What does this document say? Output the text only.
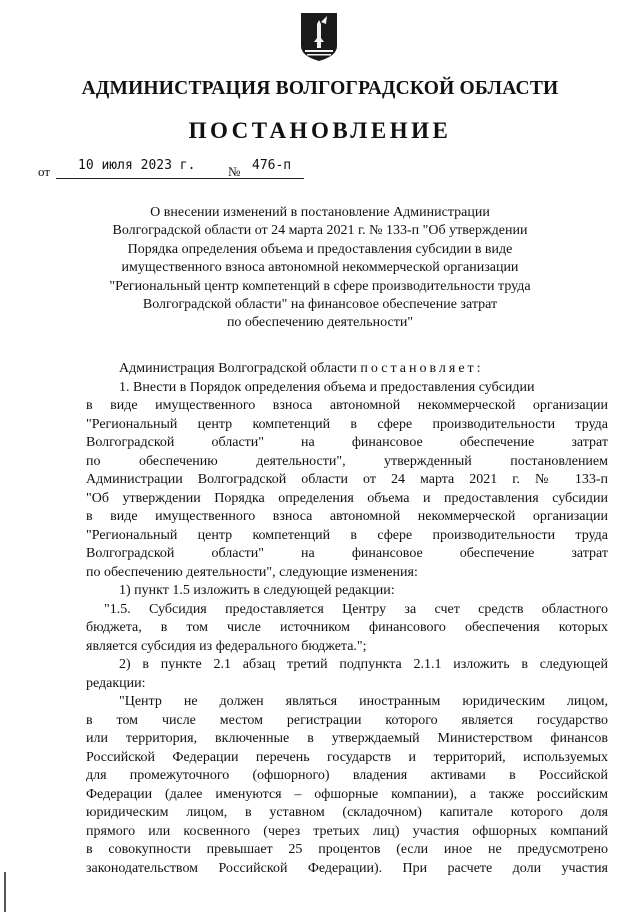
АДМИНИСТРАЦИЯ ВОЛГОГРАДСКОЙ ОБЛАСТИ
ПОСТАНОВЛЕНИЕ
от 10 июля 2023 г.	№ 476-п
О внесении изменений в постановление Администрации
Волгоградской области от 24 марта 2021 г. № 133-п "Об утверждении
Порядка определения объема и предоставления субсидии в виде
имущественного взноса автономной некоммерческой организации
"Региональный центр компетенций в сфере производительности труда
Волгоградской области" на финансовое обеспечение затрат
по обеспечению деятельности"
Администрация Волгоградской области постановляет:
1. Внести в Порядок определения объема и предоставления субсидии
в виде имущественного взноса автономной некоммерческой организации
"Региональный центр компетенций в сфере производительности труда
Волгоградской области" на финансовое обеспечение затрат
по обеспечению деятельности", утвержденный постановлением
Администрации Волгоградской области от 24 марта 2021 г. № 133-п
"Об утверждении Порядка определения объема и предоставления субсидии
в виде имущественного взноса автономной некоммерческой организации
"Региональный центр компетенций в сфере производительности труда
Волгоградской области" на финансовое обеспечение затрат
по обеспечению деятельности", следующие изменения:
1) пункт 1.5 изложить в следующей редакции:
"1.5. Субсидия предоставляется Центру за счет средств областного
бюджета, в том числе источником финансового обеспечения которых
является субсидия из федерального бюджета.";
2) в пункте 2.1 абзац третий подпункта 2.1.1 изложить в следующей
редакции:
"Центр не должен являться иностранным юридическим лицом,
в том числе местом регистрации которого является государство
или территория, включенные в утверждаемый Министерством финансов
Российской Федерации перечень государств и территорий, используемых
для промежуточного (офшорного) владения активами в Российской
Федерации (далее именуются – офшорные компании), а также российским
юридическим лицом, в уставном (складочном) капитале которого доля
прямого или косвенного (через третьих лиц) участия офшорных компаний
в совокупности превышает 25 процентов (если иное не предусмотрено
законодательством Российской Федерации). При расчете доли участия
